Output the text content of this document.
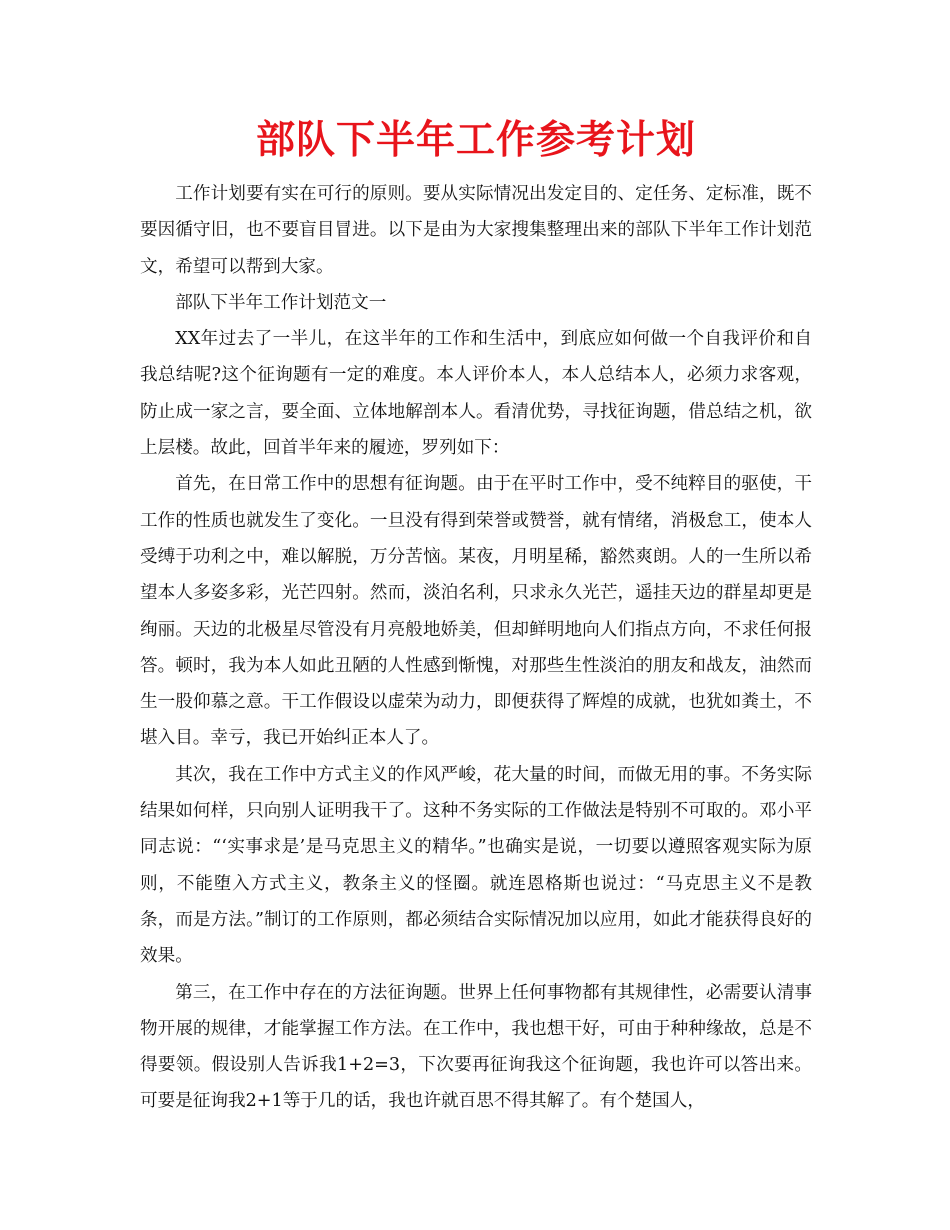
部队下半年工作参考计划

工作计划要有实在可行的原则。要从实际情况出发定目的、定任务、定标准，既不要因循守旧，也不要盲目冒进。以下是由为大家搜集整理出来的部队下半年工作计划范文，希望可以帮到大家。

部队下半年工作计划范文一

XX年过去了一半儿，在这半年的工作和生活中，到底应如何做一个自我评价和自我总结呢?这个征询题有一定的难度。本人评价本人，本人总结本人，必须力求客观，防止成一家之言，要全面、立体地解剖本人。看清优势，寻找征询题，借总结之机，欲上层楼。故此，回首半年来的履迹，罗列如下：

首先，在日常工作中的思想有征询题。由于在平时工作中，受不纯粹目的驱使，干工作的性质也就发生了变化。一旦没有得到荣誉或赞誉，就有情绪，消极怠工，使本人受缚于功利之中，难以解脱，万分苦恼。某夜，月明星稀，豁然爽朗。人的一生所以希望本人多姿多彩，光芒四射。然而，淡泊名利，只求永久光芒，遥挂天边的群星却更是绚丽。天边的北极星尽管没有月亮般地娇美，但却鲜明地向人们指点方向，不求任何报答。顿时，我为本人如此丑陋的人性感到惭愧，对那些生性淡泊的朋友和战友，油然而生一股仰慕之意。干工作假设以虚荣为动力，即便获得了辉煌的成就，也犹如粪土，不堪入目。幸亏，我已开始纠正本人了。

其次，我在工作中方式主义的作风严峻，花大量的时间，而做无用的事。不务实际结果如何样，只向别人证明我干了。这种不务实际的工作做法是特别不可取的。邓小平同志说：“‘实事求是’是马克思主义的精华。”也确实是说，一切要以遵照客观实际为原则，不能堕入方式主义，教条主义的怪圈。就连恩格斯也说过：“马克思主义不是教条，而是方法。”制订的工作原则，都必须结合实际情况加以应用，如此才能获得良好的效果。

第三，在工作中存在的方法征询题。世界上任何事物都有其规律性，必需要认清事物开展的规律，才能掌握工作方法。在工作中，我也想干好，可由于种种缘故，总是不得要领。假设别人告诉我1+2=3，下次要再征询我这个征询题，我也许可以答出来。可要是征询我2+1等于几的话，我也许就百思不得其解了。有个楚国人，
